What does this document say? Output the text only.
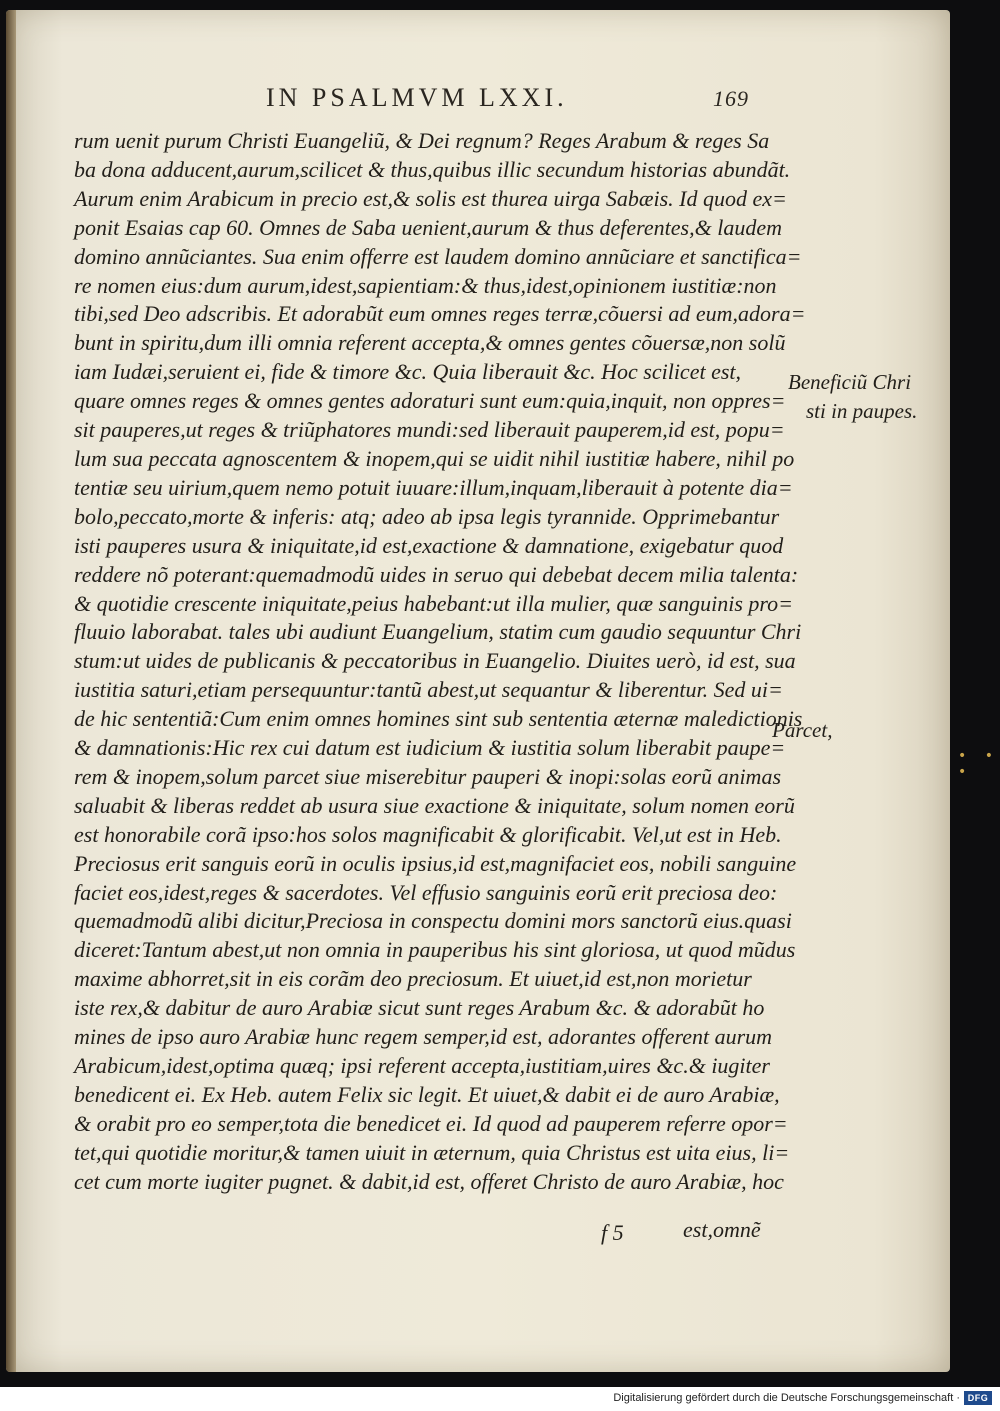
IN PSALMVM LXXI.	169
rum uenit purum Christi Euangeliũ, & Dei regnum? Reges Arabum & reges Sa
ba dona adducent,aurum,scilicet & thus,quibus illic secundum historias abundãt.
Aurum enim Arabicum in precio est,& solis est thurea uirga Sabæis. Id quod ex=
ponit Esaias cap 60. Omnes de Saba uenient,aurum & thus deferentes,& laudem
domino annũciantes. Sua enim offerre est laudem domino annũciare et sanctifica=
re nomen eius:dum aurum,idest,sapientiam:& thus,idest,opinionem iustitiæ:non
tibi,sed Deo adscribis. Et adorabũt eum omnes reges terræ,cõuersi ad eum,adora=
bunt in spiritu,dum illi omnia referent accepta,& omnes gentes cõuersæ,non solũ
iam Iudæi,seruient ei, fide & timore &c. Quia liberauit &c. Hoc scilicet est,
quare omnes reges & omnes gentes adoraturi sunt eum:quia,inquit, non oppres=
sit pauperes,ut reges & triũphatores mundi:sed liberauit pauperem,id est, popu=
lum sua peccata agnoscentem & inopem,qui se uidit nihil iustitiæ habere, nihil po
tentiæ seu uirium,quem nemo potuit iuuare:illum,inquam,liberauit à potente dia=
bolo,peccato,morte & inferis: atq; adeo ab ipsa legis tyrannide. Opprimebantur
isti pauperes usura & iniquitate,id est,exactione & damnatione, exigebatur quod
reddere nõ poterant:quemadmodũ uides in seruo qui debebat decem milia talenta:
& quotidie crescente iniquitate,peius habebant:ut illa mulier, quæ sanguinis pro=
fluuio laborabat. tales ubi audiunt Euangelium, statim cum gaudio sequuntur Chri
stum:ut uides de publicanis & peccatoribus in Euangelio. Diuites uerò, id est, sua
iustitia saturi,etiam persequuntur:tantũ abest,ut sequantur & liberentur. Sed ui=
de hic sententiã:Cum enim omnes homines sint sub sententia æternæ maledictionis
& damnationis:Hic rex cui datum est iudicium & iustitia solum liberabit paupe=
rem & inopem,solum parcet siue miserebitur pauperi & inopi:solas eorũ animas
saluabit & liberas reddet ab usura siue exactione & iniquitate, solum nomen eorũ
est honorabile corã ipso:hos solos magnificabit & glorificabit. Vel,ut est in Heb.
Preciosus erit sanguis eorũ in oculis ipsius,id est,magnifaciet eos, nobili sanguine
faciet eos,idest,reges & sacerdotes. Vel effusio sanguinis eorũ erit preciosa deo:
quemadmodũ alibi dicitur,Preciosa in conspectu domini mors sanctorũ eius.quasi
diceret:Tantum abest,ut non omnia in pauperibus his sint gloriosa, ut quod mũdus
maxime abhorret,sit in eis corãm deo preciosum. Et uiuet,id est,non morietur
iste rex,& dabitur de auro Arabiæ sicut sunt reges Arabum &c. & adorabũt ho
mines de ipso auro Arabiæ hunc regem semper,id est, adorantes offerent aurum
Arabicum,idest,optima quæq; ipsi referent accepta,iustitiam,uires &c.& iugiter
benedicent ei. Ex Heb. autem Felix sic legit. Et uiuet,& dabit ei de auro Arabiæ,
& orabit pro eo semper,tota die benedicet ei. Id quod ad pauperem referre opor=
tet,qui quotidie moritur,& tamen uiuit in æternum, quia Christus est uita eius, li=
cet cum morte iugiter pugnet. & dabit,id est, offeret Christo de auro Arabiæ, hoc
Beneficiũ Chri
sti in paupes.
Parcet,
f 5	est,omnẽ
• • •
Digitalisierung gefördert durch die Deutsche Forschungsgemeinschaft · DFG
